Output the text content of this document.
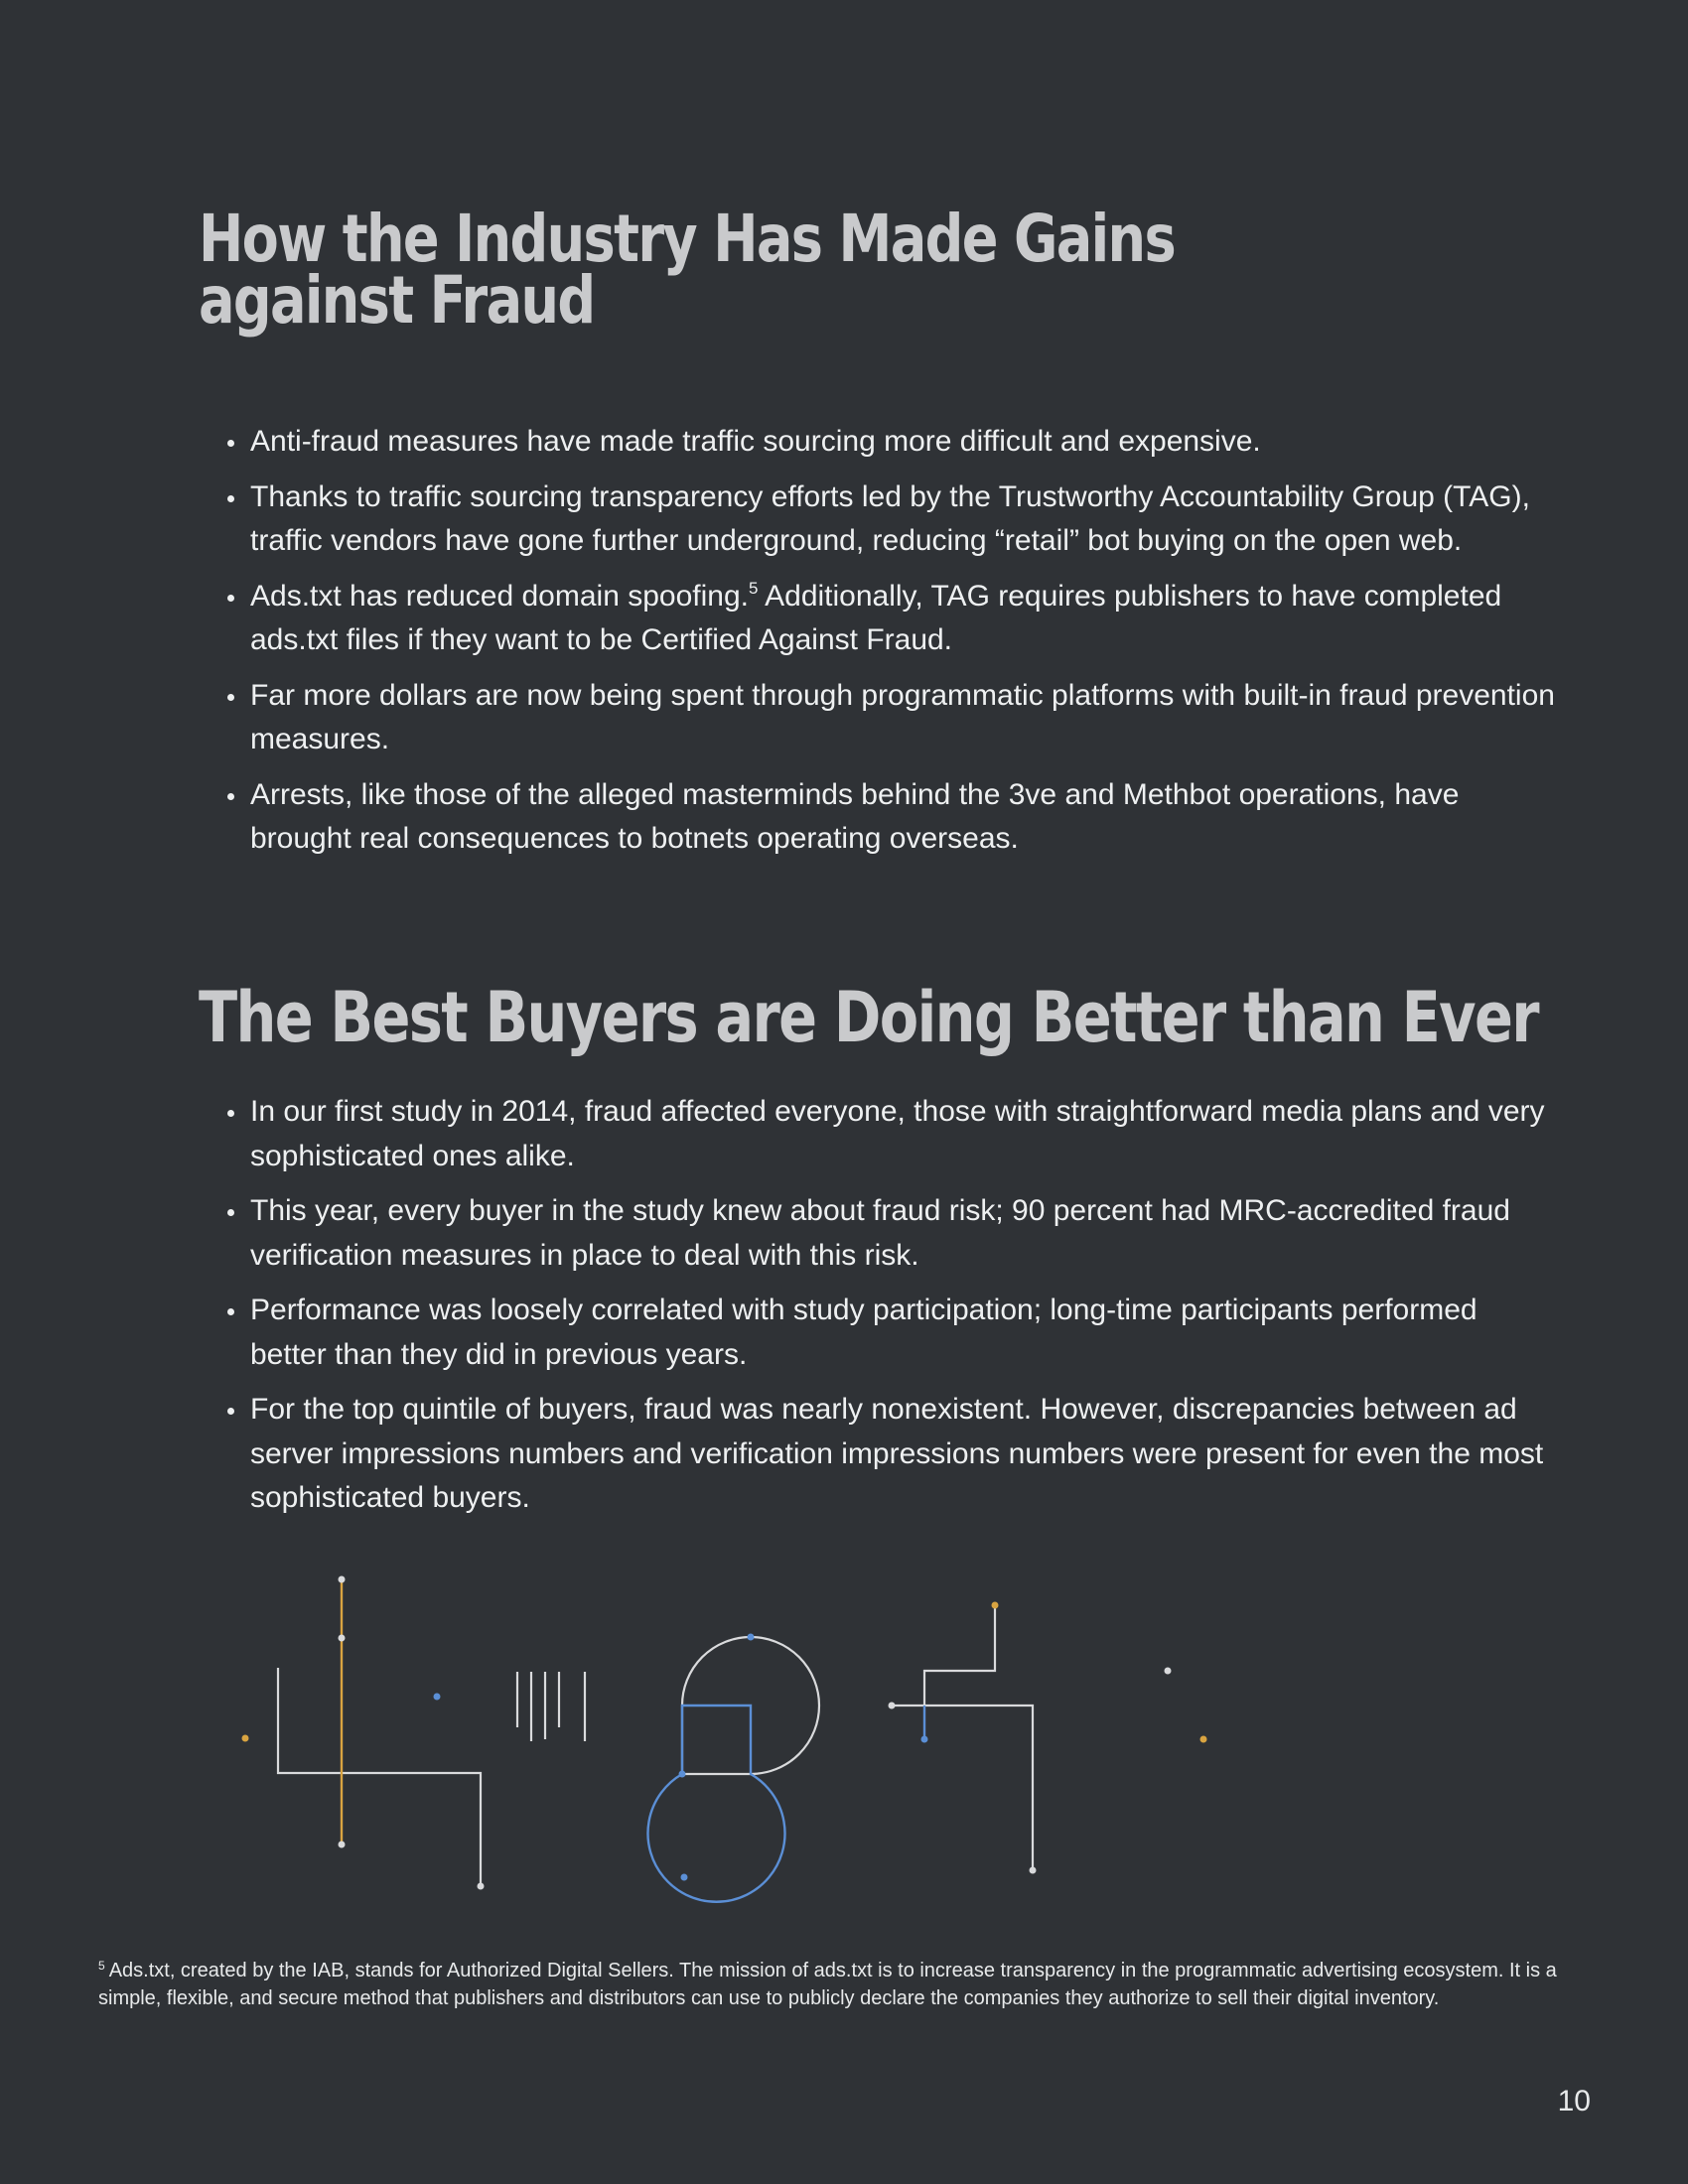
How the Industry Has Made Gains
against Fraud
• Anti-fraud measures have made traffic sourcing more difficult and expensive.
• Thanks to traffic sourcing transparency efforts led by the Trustworthy Accountability Group (TAG), traffic vendors have gone further underground, reducing “retail” bot buying on the open web.
• Ads.txt has reduced domain spoofing.$^5$ Additionally, TAG requires publishers to have completed ads.txt files if they want to be Certified Against Fraud.
• Far more dollars are now being spent through programmatic platforms with built-in fraud prevention measures.
• Arrests, like those of the alleged masterminds behind the 3ve and Methbot operations, have brought real consequences to botnets operating overseas.
The Best Buyers are Doing Better than Ever
• In our first study in 2014, fraud affected everyone, those with straightforward media plans and very sophisticated ones alike.
• This year, every buyer in the study knew about fraud risk; 90 percent had MRC-accredited fraud verification measures in place to deal with this risk.
• Performance was loosely correlated with study participation; long-time participants performed better than they did in previous years.
• For the top quintile of buyers, fraud was nearly nonexistent. However, discrepancies between ad server impressions numbers and verification impressions numbers were present for even the most sophisticated buyers.
$^5$ Ads.txt, created by the IAB, stands for Authorized Digital Sellers. The mission of ads.txt is to increase transparency in the programmatic advertising ecosystem. It is a simple, flexible, and secure method that publishers and distributors can use to publicly declare the companies they authorize to sell their digital inventory.
10
